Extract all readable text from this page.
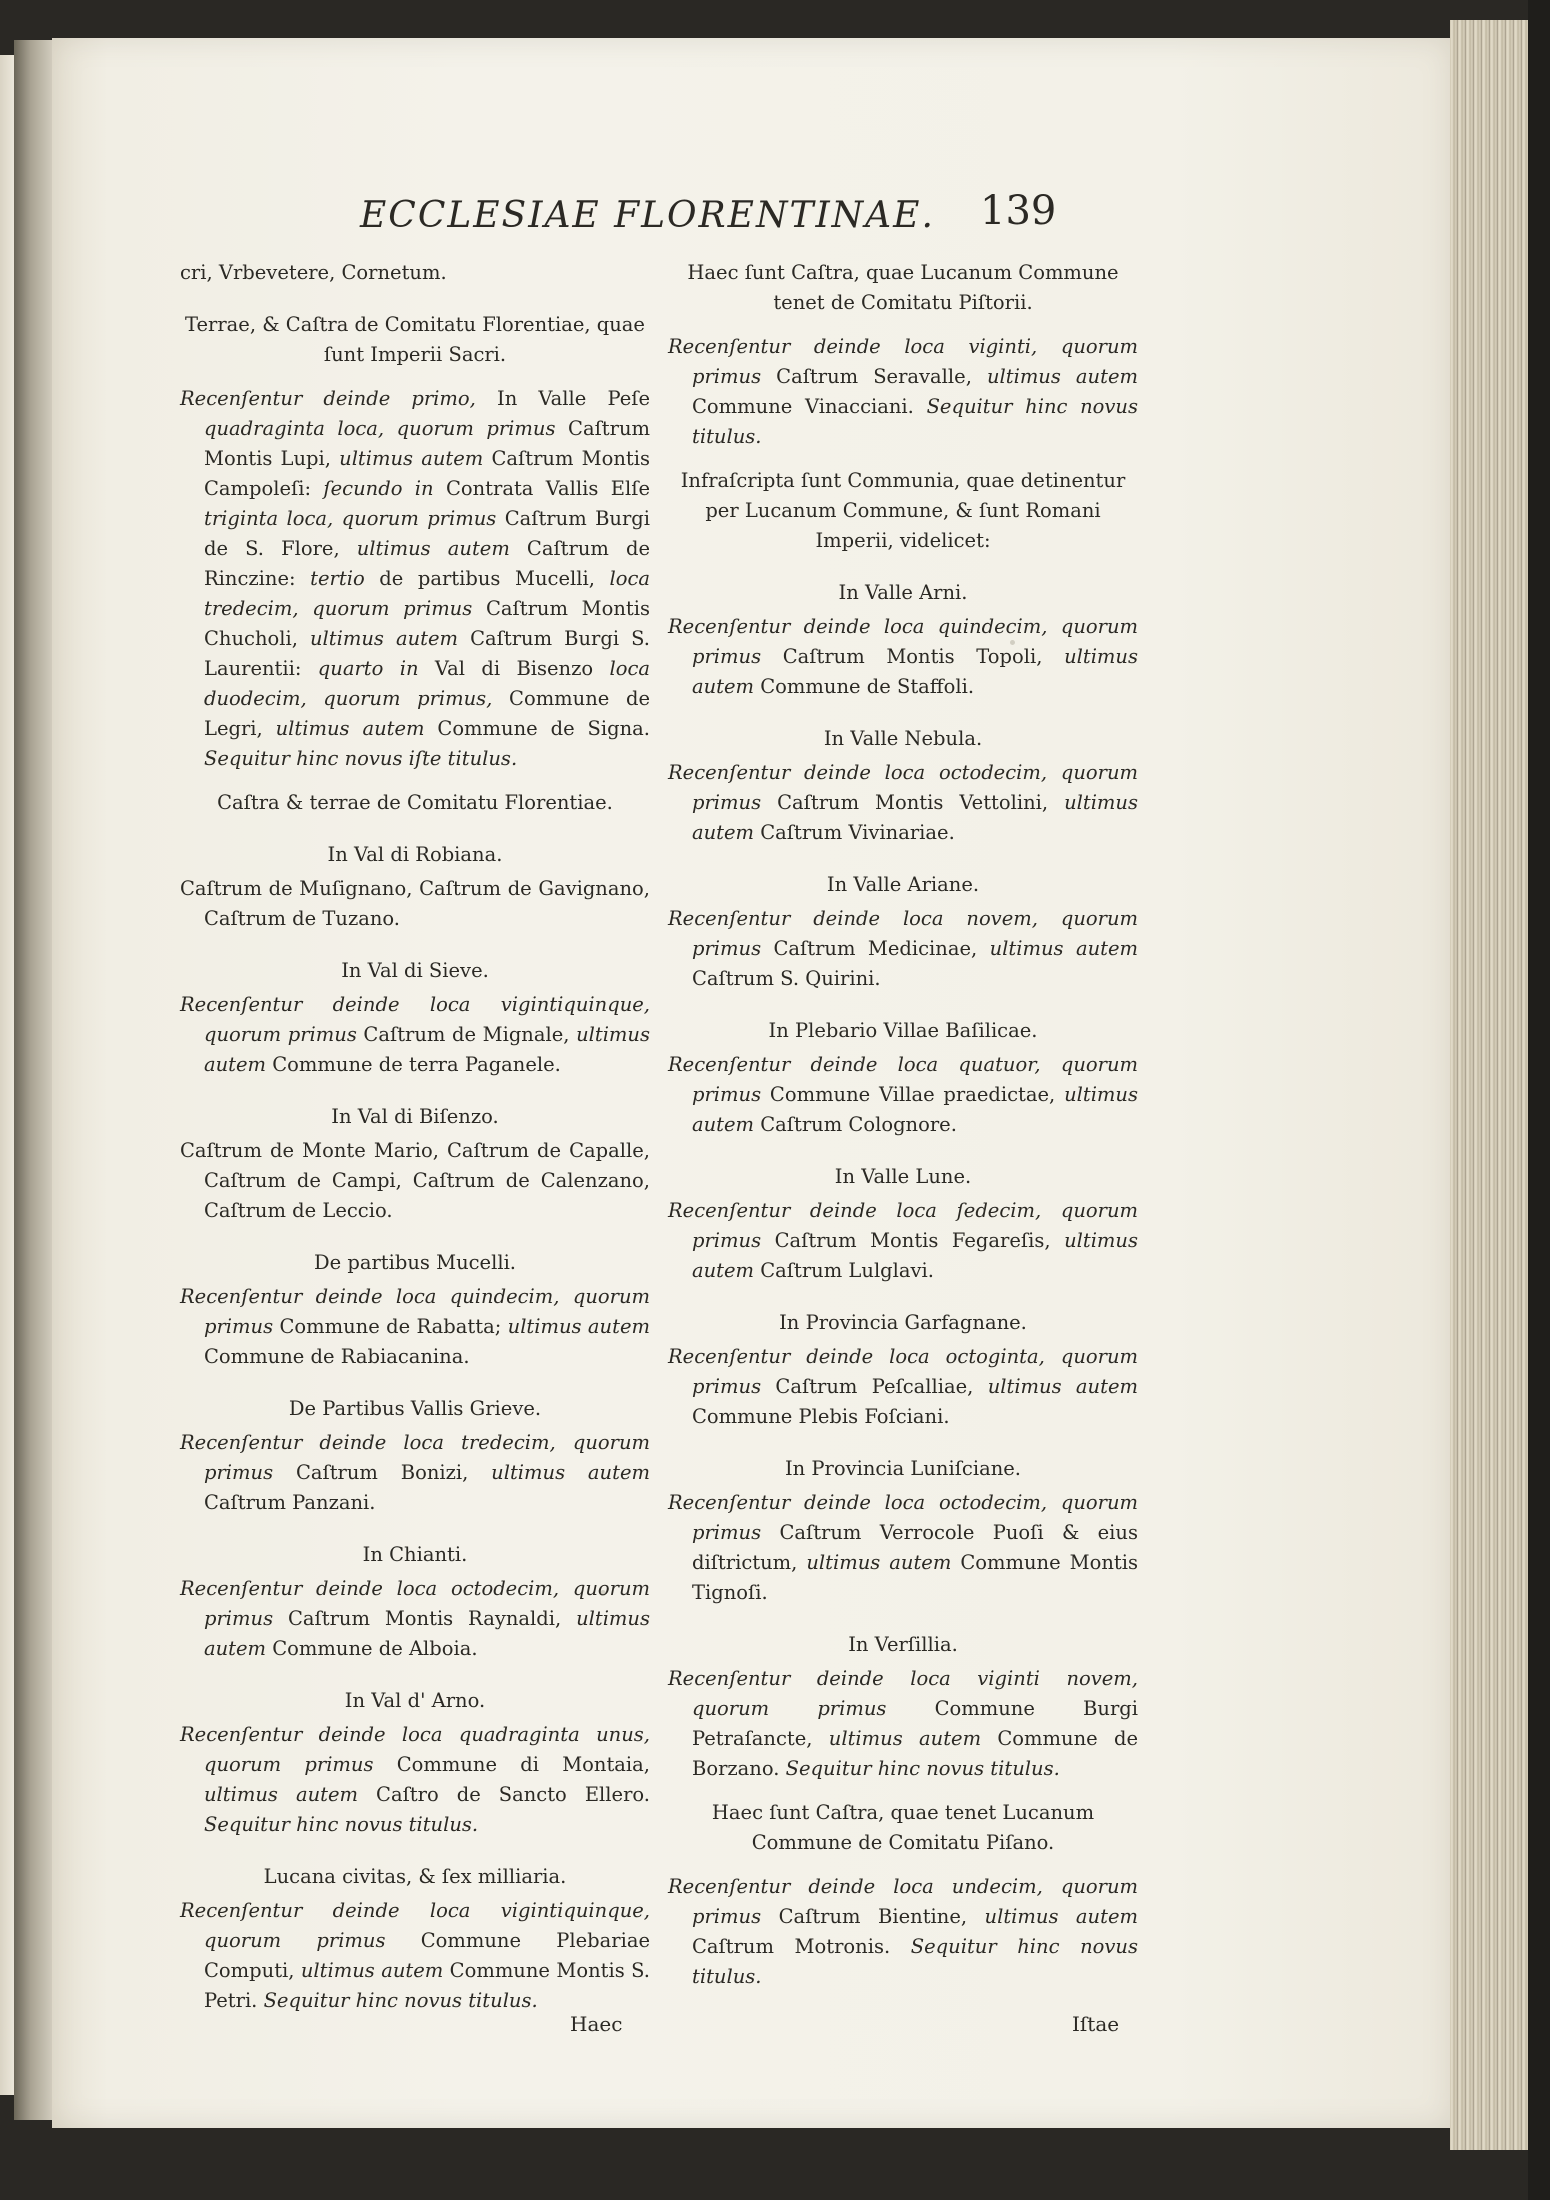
ECCLESIAE FLORENTINAE.	139

cri, Vrbevetere, Cornetum.

Terrae, & Caſtra de Comitatu Florentiae, quae ſunt Imperii Sacri.

Recenſentur deinde primo, In Valle Peſe quadraginta loca, quorum primus Caſtrum Montis Lupi, ultimus autem Caſtrum Montis Campoleſi: ſecundo in Contrata Vallis Elſe triginta loca, quorum primus Caſtrum Burgi de S. Flore, ultimus autem Caſtrum de Rinczine: tertio de partibus Mucelli, loca tredecim, quorum primus Caſtrum Montis Chucholi, ultimus autem Caſtrum Burgi S. Laurentii: quarto in Val di Bisenzo loca duodecim, quorum primus, Commune de Legri, ultimus autem Commune de Signa. Sequitur hinc novus iſte titulus.

Caſtra & terrae de Comitatu Florentiae.

In Val di Robiana.

Caſtrum de Muſignano, Caſtrum de Gavignano, Caſtrum de Tuzano.

In Val di Sieve.

Recenſentur deinde loca vigintiquinque, quorum primus Caſtrum de Mignale, ultimus autem Commune de terra Paganele.

In Val di Biſenzo.

Caſtrum de Monte Mario, Caſtrum de Capalle, Caſtrum de Campi, Caſtrum de Calenzano, Caſtrum de Leccio.

De partibus Mucelli.

Recenſentur deinde loca quindecim, quorum primus Commune de Rabatta; ultimus autem Commune de Rabiacanina.

De Partibus Vallis Grieve.

Recenſentur deinde loca tredecim, quorum primus Caſtrum Bonizi, ultimus autem Caſtrum Panzani.

In Chianti.

Recenſentur deinde loca octodecim, quorum primus Caſtrum Montis Raynaldi, ultimus autem Commune de Alboia.

In Val d' Arno.

Recenſentur deinde loca quadraginta unus, quorum primus Commune di Montaia, ultimus autem Caſtro de Sancto Ellero. Sequitur hinc novus titulus.

Lucana civitas, & ſex milliaria.

Recenſentur deinde loca vigintiquinque, quorum primus Commune Plebariae Computi, ultimus autem Commune Montis S. Petri. Sequitur hinc novus titulus.

Haec ſunt Caſtra, quae Lucanum Commune tenet de Comitatu Piſtorii.

Recenſentur deinde loca viginti, quorum primus Caſtrum Seravalle, ultimus autem Commune Vinacciani. Sequitur hinc novus titulus.

Infraſcripta ſunt Communia, quae detinentur per Lucanum Commune, & ſunt Romani Imperii, videlicet:

In Valle Arni.

Recenſentur deinde loca quindecim, quorum primus Caſtrum Montis Topoli, ultimus autem Commune de Staffoli.

In Valle Nebula.

Recenſentur deinde loca octodecim, quorum primus Caſtrum Montis Vettolini, ultimus autem Caſtrum Vivinariae.

In Valle Ariane.

Recenſentur deinde loca novem, quorum primus Caſtrum Medicinae, ultimus autem Caſtrum S. Quirini.

In Plebario Villae Baſilicae.

Recenſentur deinde loca quatuor, quorum primus Commune Villae praedictae, ultimus autem Caſtrum Colognore.

In Valle Lune.

Recenſentur deinde loca ſedecim, quorum primus Caſtrum Montis Fegareſis, ultimus autem Caſtrum Lulglavi.

In Provincia Garfagnane.

Recenſentur deinde loca octoginta, quorum primus Caſtrum Peſcalliae, ultimus autem Commune Plebis Foſciani.

In Provincia Luniſciane.

Recenſentur deinde loca octodecim, quorum primus Caſtrum Verrocole Puoſi & eius diſtrictum, ultimus autem Commune Montis Tignoſi.

In Verſillia.

Recenſentur deinde loca viginti novem, quorum primus Commune Burgi Petraſancte, ultimus autem Commune de Borzano. Sequitur hinc novus titulus.

Haec ſunt Caſtra, quae tenet Lucanum Commune de Comitatu Piſano.

Recenſentur deinde loca undecim, quorum primus Caſtrum Bientine, ultimus autem Caſtrum Motronis. Sequitur hinc novus titulus.

Haec	Iſtae
